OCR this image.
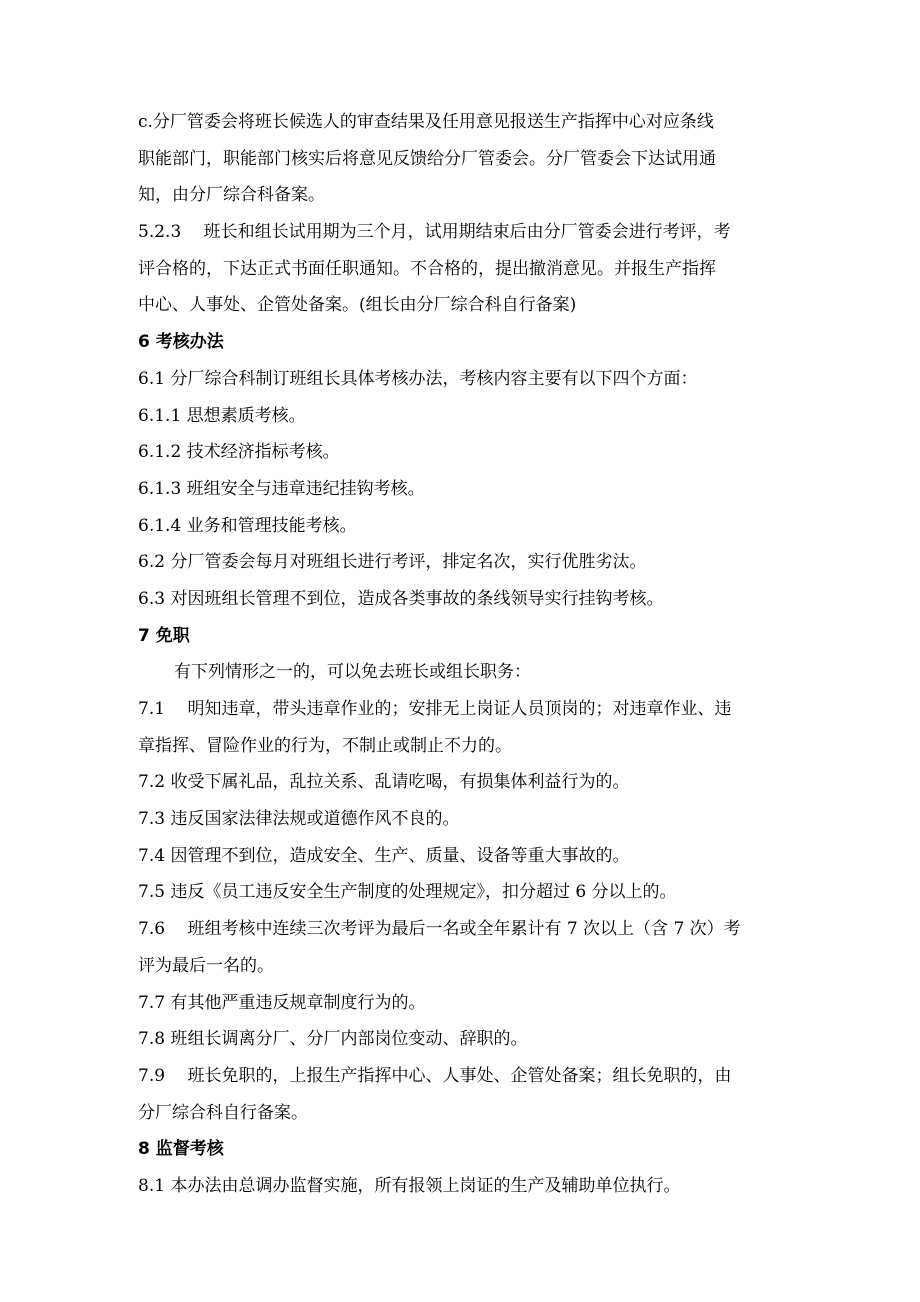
c.分厂管委会将班长候选人的审查结果及任用意见报送生产指挥中心对应条线
职能部门，职能部门核实后将意见反馈给分厂管委会。分厂管委会下达试用通
知，由分厂综合科备案。
5.2.3　 班长和组长试用期为三个月，试用期结束后由分厂管委会进行考评，考
评合格的，下达正式书面任职通知。不合格的，提出撤消意见。并报生产指挥
中心、人事处、企管处备案。(组长由分厂综合科自行备案)
6 考核办法
6.1 分厂综合科制订班组长具体考核办法，考核内容主要有以下四个方面：
6.1.1 思想素质考核。
6.1.2 技术经济指标考核。
6.1.3 班组安全与违章违纪挂钩考核。
6.1.4 业务和管理技能考核。
6.2 分厂管委会每月对班组长进行考评，排定名次，实行优胜劣汰。
6.3 对因班组长管理不到位，造成各类事故的条线领导实行挂钩考核。
7 免职
有下列情形之一的，可以免去班长或组长职务：
7.1　 明知违章，带头违章作业的；安排无上岗证人员顶岗的；对违章作业、违
章指挥、冒险作业的行为，不制止或制止不力的。
7.2 收受下属礼品，乱拉关系、乱请吃喝，有损集体利益行为的。
7.3 违反国家法律法规或道德作风不良的。
7.4 因管理不到位，造成安全、生产、质量、设备等重大事故的。
7.5 违反《员工违反安全生产制度的处理规定》，扣分超过 6 分以上的。
7.6　 班组考核中连续三次考评为最后一名或全年累计有 7 次以上（含 7 次）考
评为最后一名的。
7.7 有其他严重违反规章制度行为的。
7.8 班组长调离分厂、分厂内部岗位变动、辞职的。
7.9　 班长免职的，上报生产指挥中心、人事处、企管处备案；组长免职的，由
分厂综合科自行备案。
8 监督考核
8.1 本办法由总调办监督实施，所有报领上岗证的生产及辅助单位执行。
